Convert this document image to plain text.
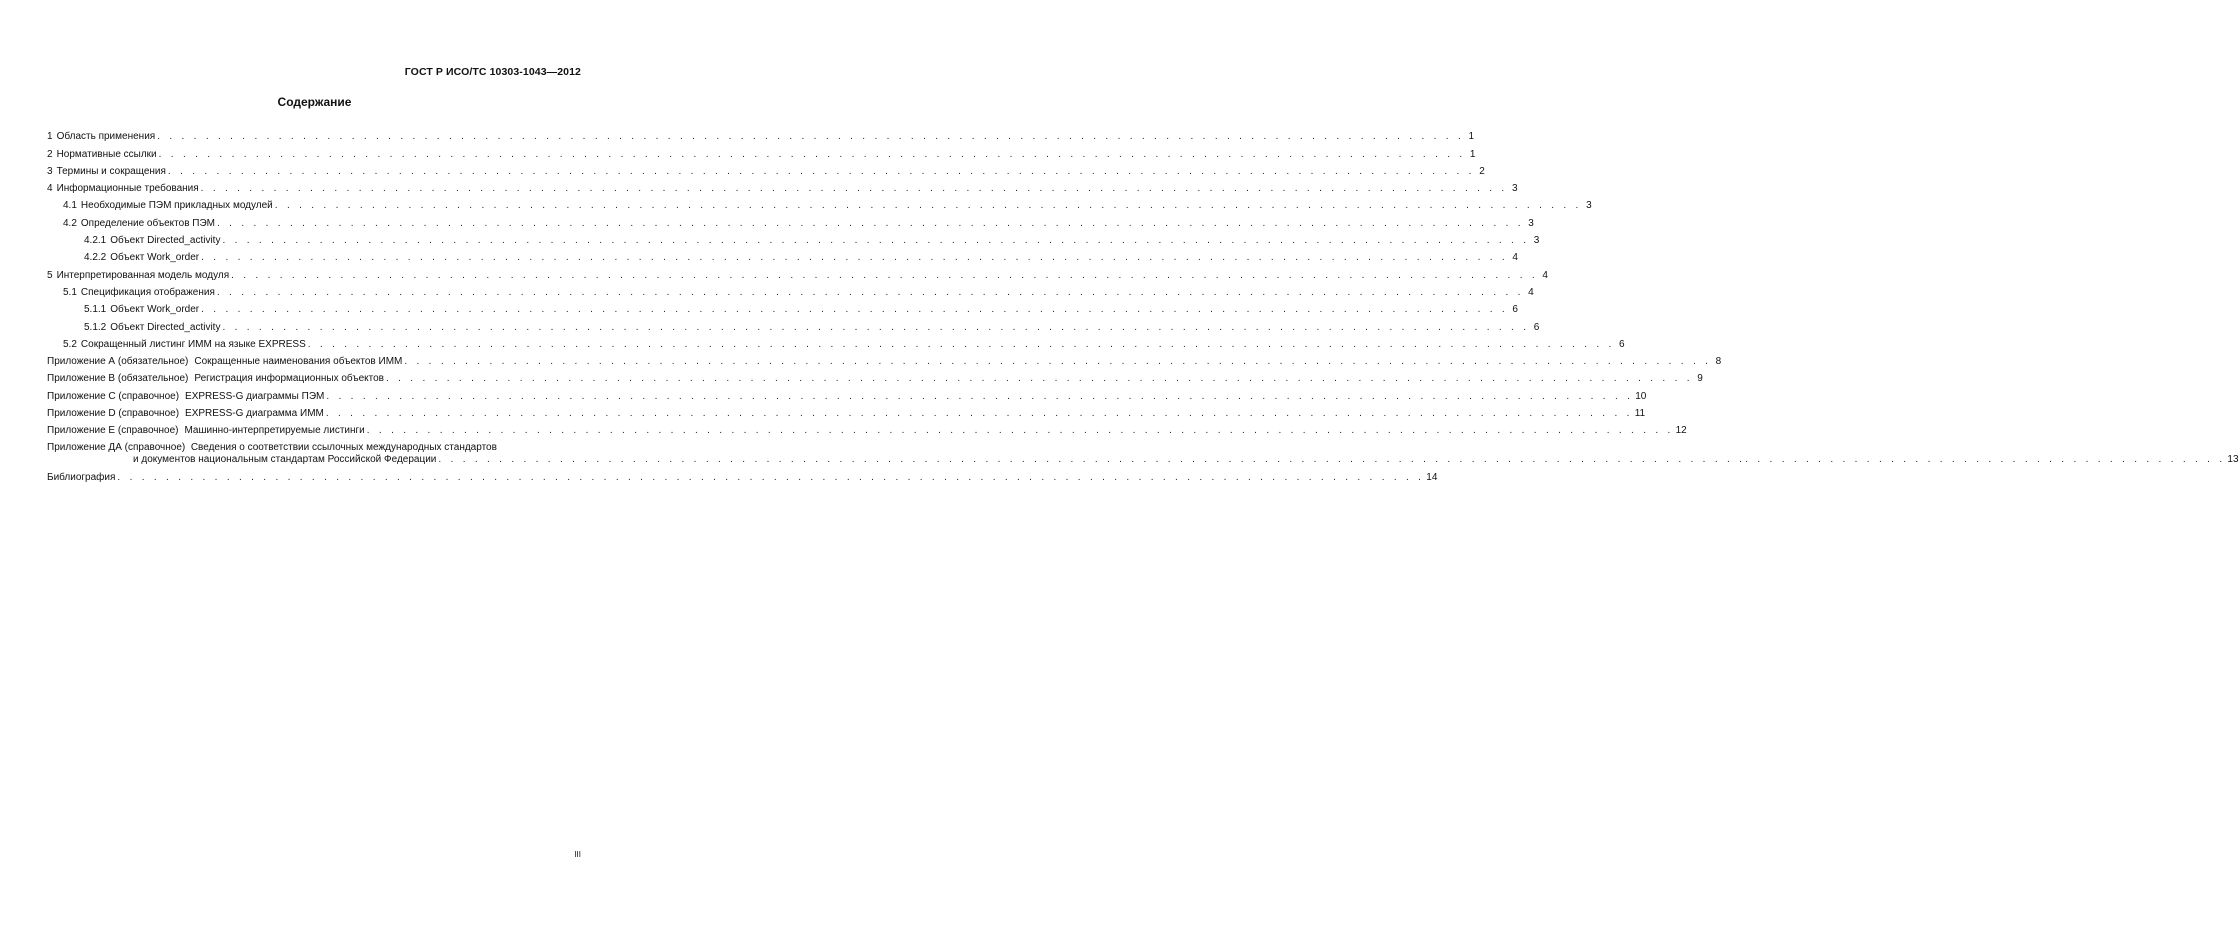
ГОСТ Р ИСО/ТС 10303-1043—2012
Содержание
1 Область применения . . .	1
2 Нормативные ссылки . . .	1
3 Термины и сокращения . . .	2
4 Информационные требования . . .	3
4.1 Необходимые ПЭМ прикладных модулей . . .	3
4.2 Определение объектов ПЭМ . . .	3
4.2.1 Объект Directed_activity . . .	3
4.2.2 Объект Work_order . . .	4
5 Интерпретированная модель модуля . . .	4
5.1 Спецификация отображения . . .	4
5.1.1 Объект Work_order . . .	6
5.1.2 Объект Directed_activity . . .	6
5.2 Сокращенный листинг ИММ на языке EXPRESS . . .	6
Приложение А (обязательное) Сокращенные наименования объектов ИММ . . .	8
Приложение В (обязательное) Регистрация информационных объектов . . .	9
Приложение С (справочное) EXPRESS-G диаграммы ПЭМ . . .	10
Приложение D (справочное) EXPRESS-G диаграмма ИММ . . .	11
Приложение Е (справочное) Машинно-интерпретируемые листинги . . .	12
Приложение ДА (справочное) Сведения о соответствии ссылочных международных стандартов
и документов национальным стандартам Российской Федерации	. . . . . . . . . . . . . . . . . . . . . . . . . . . . . . . . . . . . . . . . . . . 13
Библиография . . .	14
III
